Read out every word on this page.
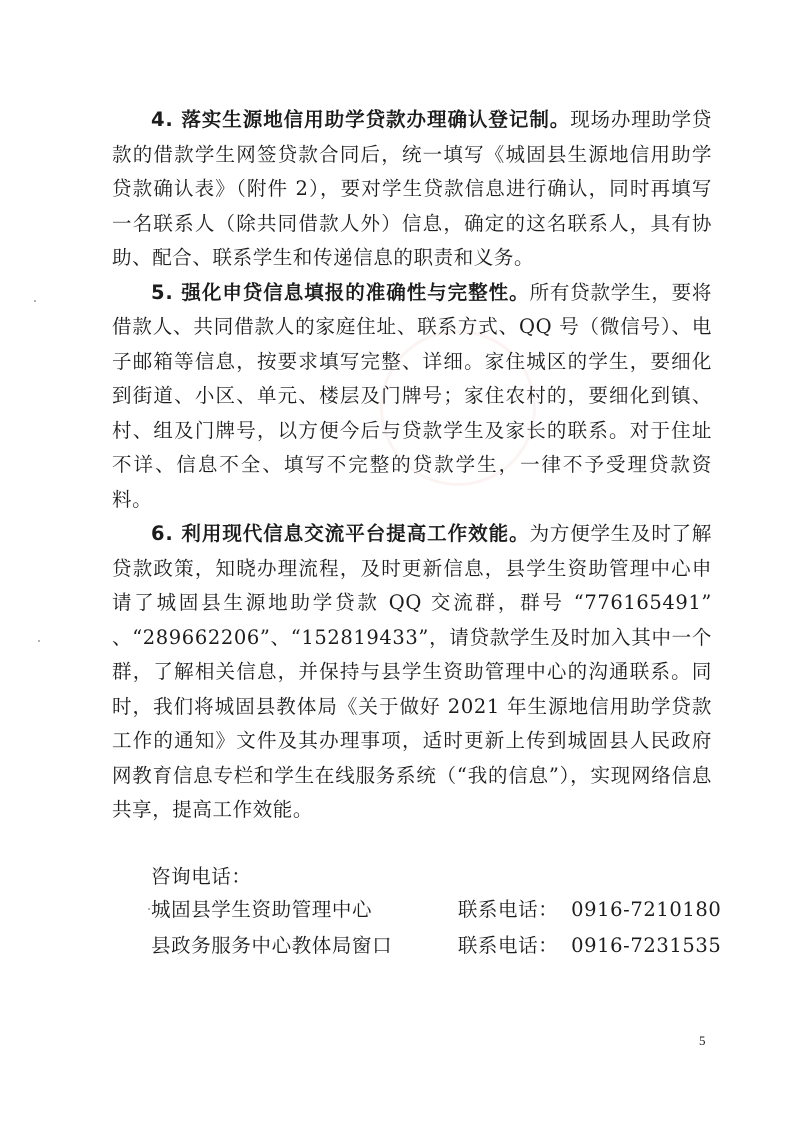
4. 落实生源地信用助学贷款办理确认登记制。现场办理助学贷款的借款学生网签贷款合同后，统一填写《城固县生源地信用助学贷款确认表》（附件 2），要对学生贷款信息进行确认，同时再填写一名联系人（除共同借款人外）信息，确定的这名联系人，具有协助、配合、联系学生和传递信息的职责和义务。

5. 强化申贷信息填报的准确性与完整性。所有贷款学生，要将借款人、共同借款人的家庭住址、联系方式、QQ 号（微信号）、电子邮箱等信息，按要求填写完整、详细。家住城区的学生，要细化到街道、小区、单元、楼层及门牌号；家住农村的，要细化到镇、村、组及门牌号，以方便今后与贷款学生及家长的联系。对于住址不详、信息不全、填写不完整的贷款学生，一律不予受理贷款资料。

6. 利用现代信息交流平台提高工作效能。为方便学生及时了解贷款政策，知晓办理流程，及时更新信息，县学生资助管理中心申请了城固县生源地助学贷款 QQ 交流群，群号 “776165491” 、“289662206”、“152819433”，请贷款学生及时加入其中一个群，了解相关信息，并保持与县学生资助管理中心的沟通联系。同时，我们将城固县教体局《关于做好 2021 年生源地信用助学贷款工作的通知》文件及其办理事项，适时更新上传到城固县人民政府网教育信息专栏和学生在线服务系统（“我的信息”），实现网络信息共享，提高工作效能。

咨询电话：
城固县学生资助管理中心	联系电话： 0916-7210180
县政务服务中心教体局窗口	联系电话： 0916-7231535
5
